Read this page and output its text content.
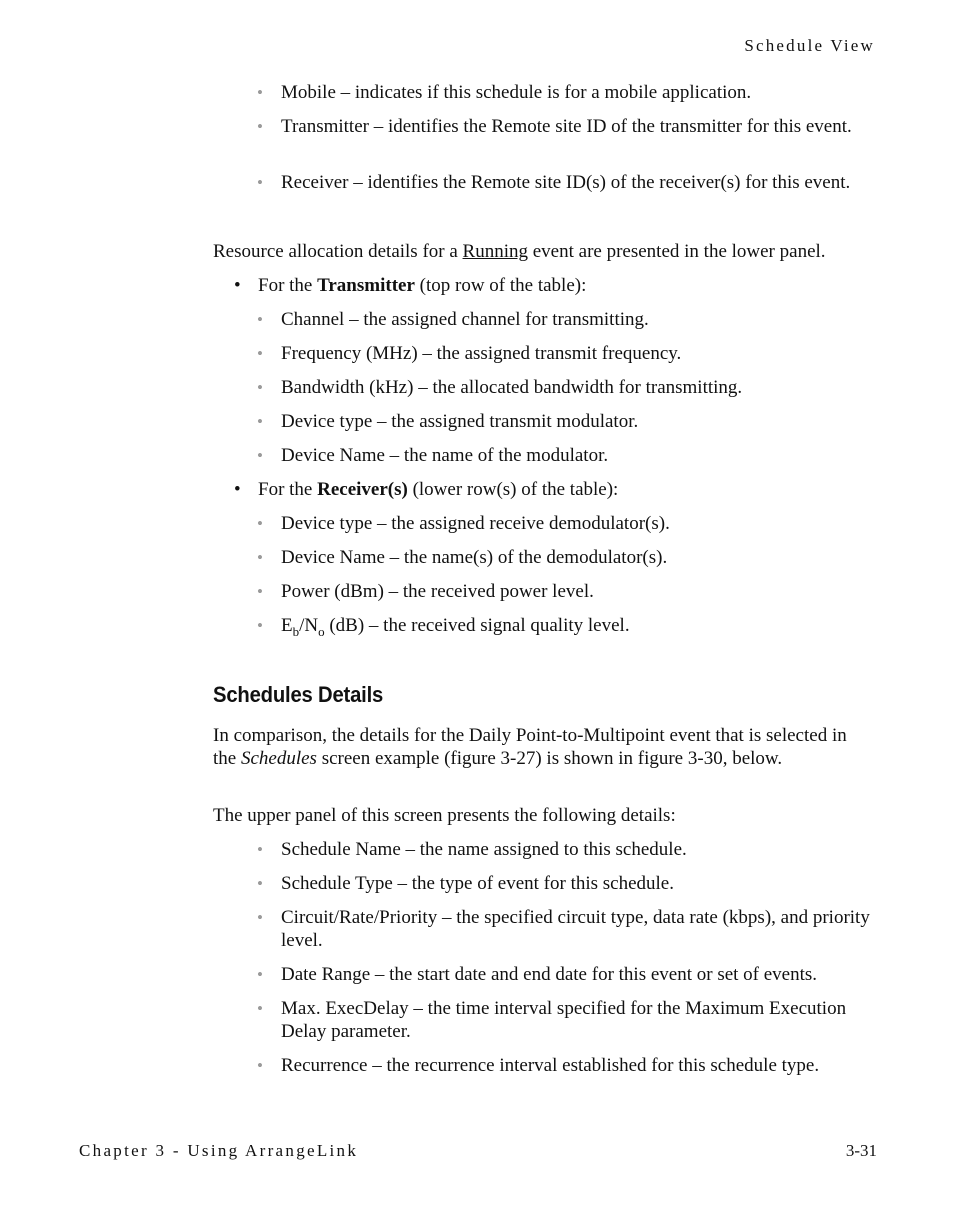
Schedule View
• Mobile – indicates if this schedule is for a mobile application.
• Transmitter – identifies the Remote site ID of the transmitter for this event.
• Receiver – identifies the Remote site ID(s) of the receiver(s) for this event.
Resource allocation details for a Running event are presented in the lower panel.
• For the Transmitter (top row of the table):
• Channel – the assigned channel for transmitting.
• Frequency (MHz) – the assigned transmit frequency.
• Bandwidth (kHz) – the allocated bandwidth for transmitting.
• Device type – the assigned transmit modulator.
• Device Name – the name of the modulator.
• For the Receiver(s) (lower row(s) of the table):
• Device type – the assigned receive demodulator(s).
• Device Name – the name(s) of the demodulator(s).
• Power (dBm) – the received power level.
• $E_b/N_o$ (dB) – the received signal quality level.
Schedules Details
In comparison, the details for the Daily Point-to-Multipoint event that is selected in the Schedules screen example (figure 3-27) is shown in figure 3-30, below.
The upper panel of this screen presents the following details:
• Schedule Name – the name assigned to this schedule.
• Schedule Type – the type of event for this schedule.
• Circuit/Rate/Priority – the specified circuit type, data rate (kbps), and priority level.
• Date Range – the start date and end date for this event or set of events.
• Max. ExecDelay – the time interval specified for the Maximum Execution Delay parameter.
• Recurrence – the recurrence interval established for this schedule type.
Chapter 3 - Using ArrangeLink	3-31
